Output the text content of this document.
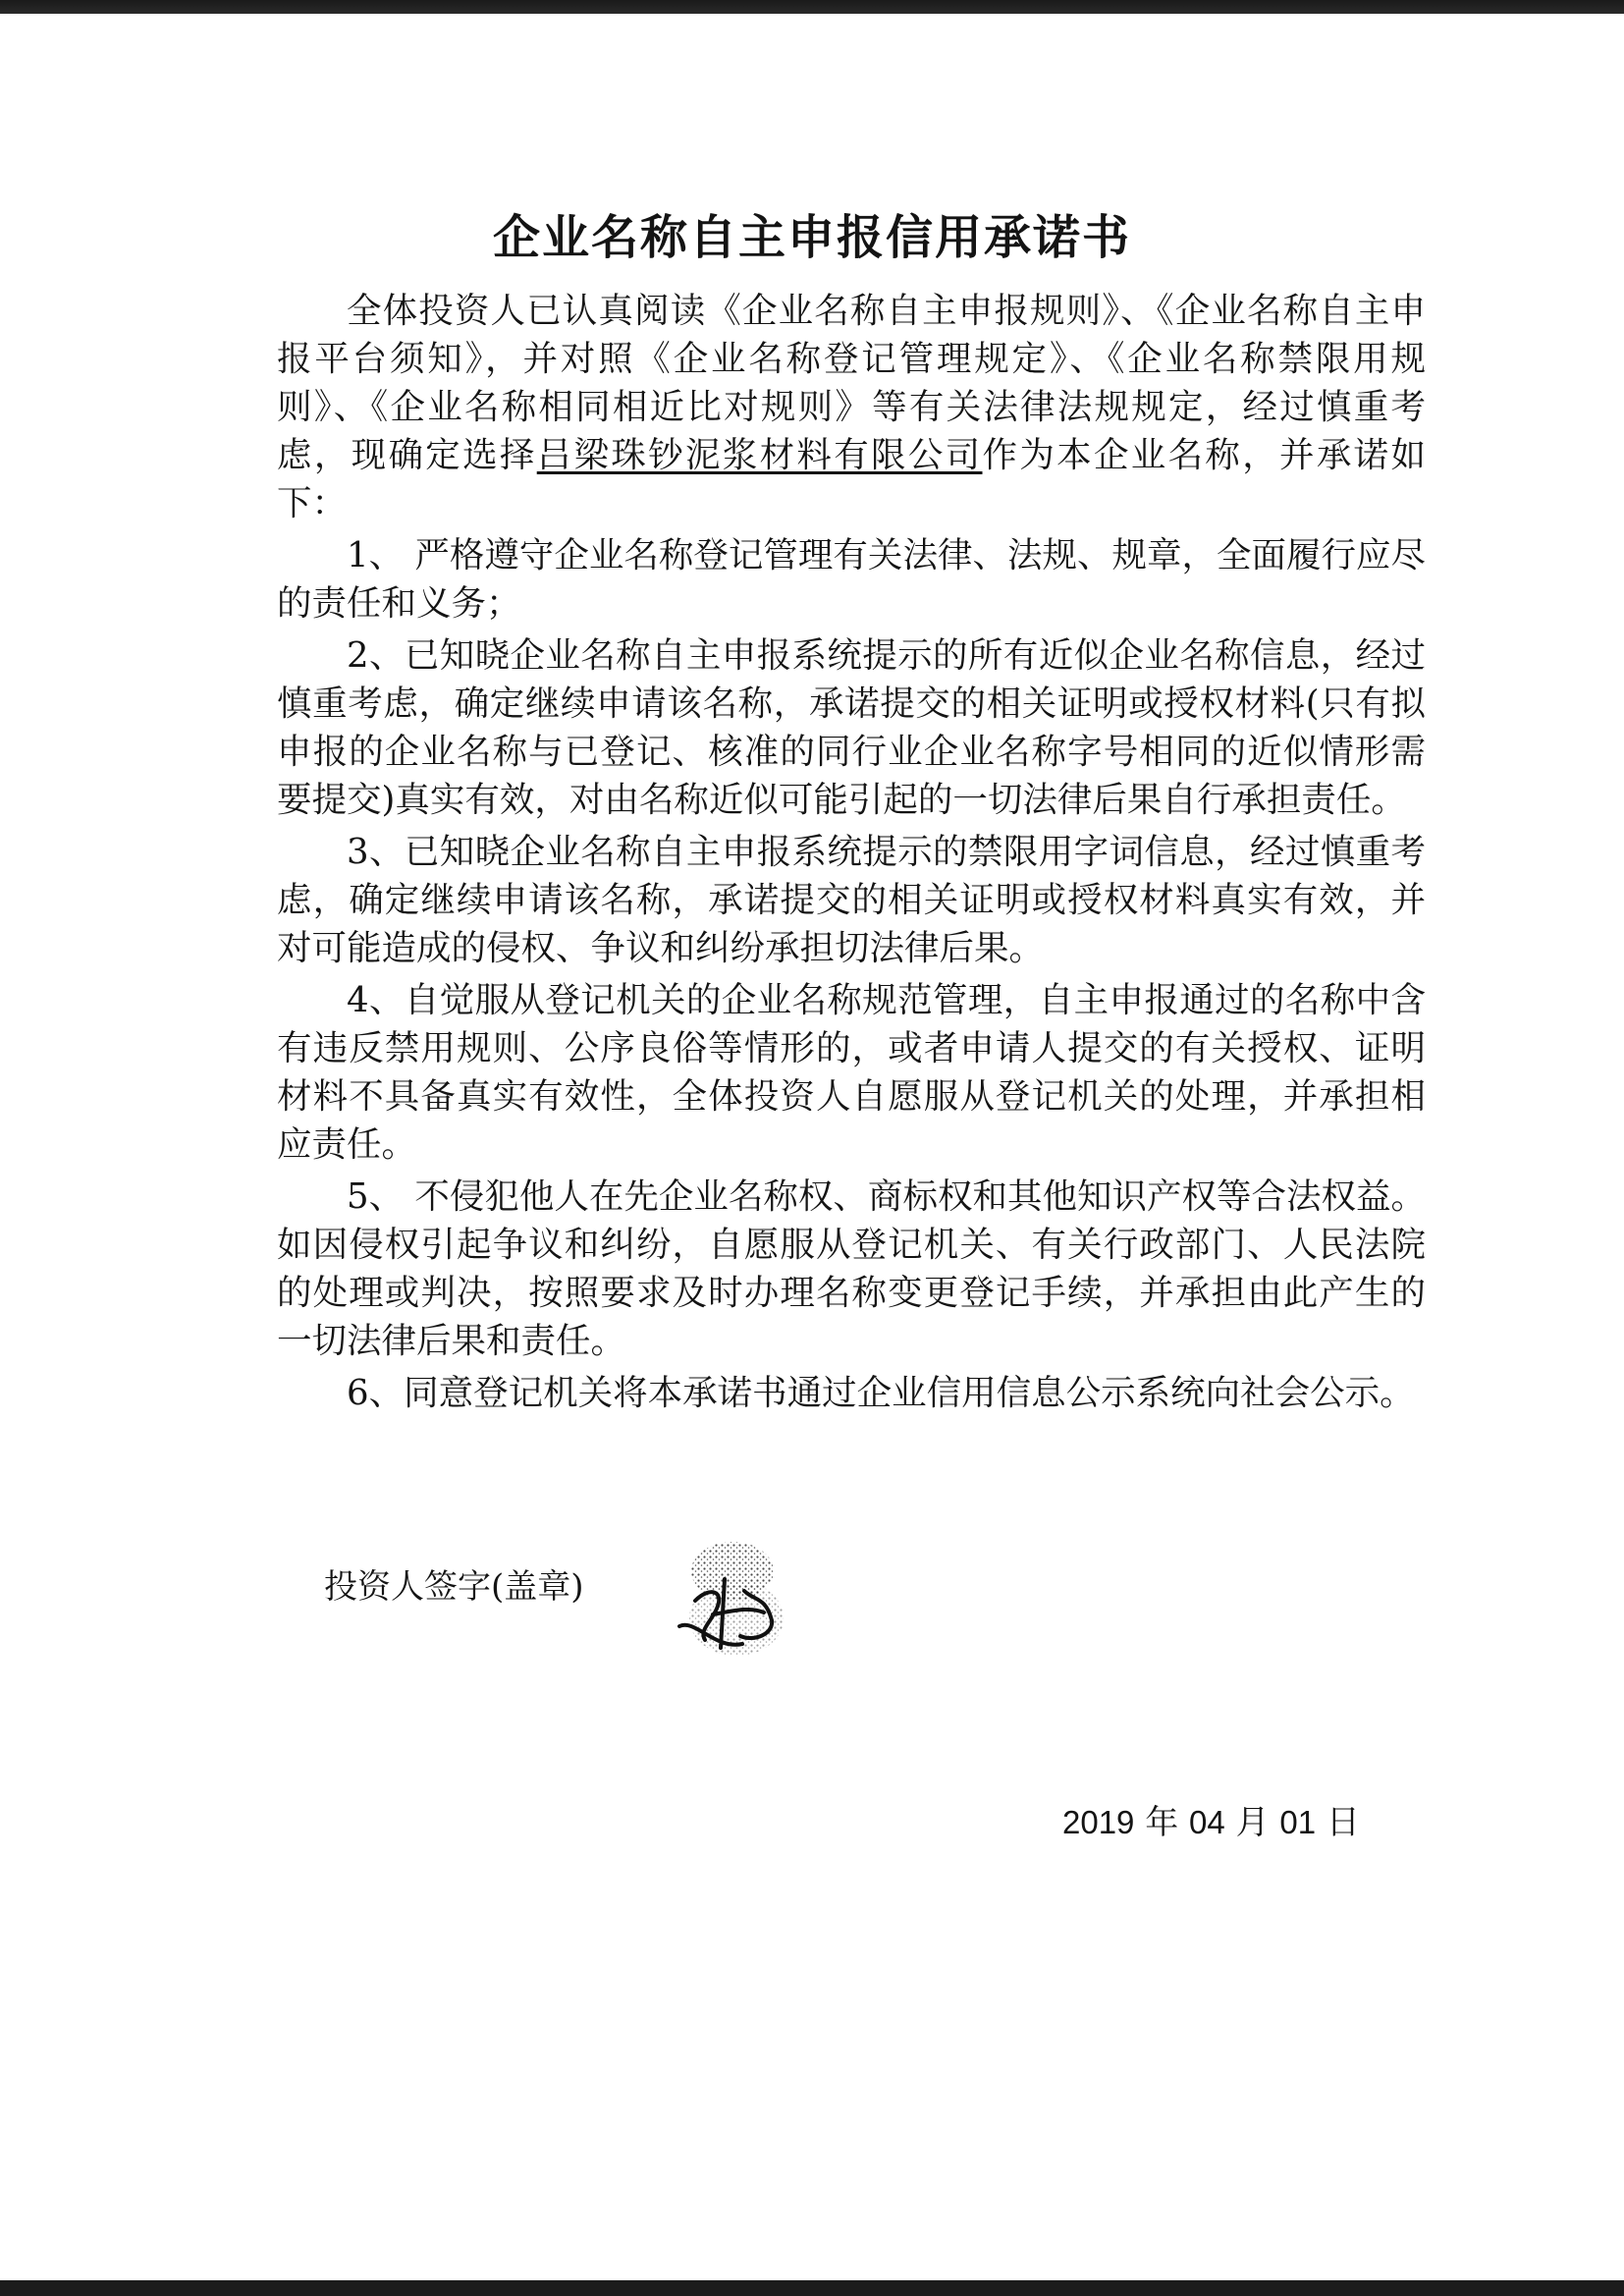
企业名称自主申报信用承诺书

全体投资人已认真阅读《企业名称自主申报规则》、《企业名称自主申报平台须知》，并对照《企业名称登记管理规定》、《企业名称禁限用规则》、《企业名称相同相近比对规则》等有关法律法规规定，经过慎重考虑，现确定选择吕梁珠钞泥浆材料有限公司作为本企业名称，并承诺如下：

1、 严格遵守企业名称登记管理有关法律、法规、规章，全面履行应尽的责任和义务；

2、已知晓企业名称自主申报系统提示的所有近似企业名称信息，经过慎重考虑，确定继续申请该名称，承诺提交的相关证明或授权材料(只有拟申报的企业名称与已登记、核准的同行业企业名称字号相同的近似情形需要提交)真实有效，对由名称近似可能引起的一切法律后果自行承担责任。

3、已知晓企业名称自主申报系统提示的禁限用字词信息，经过慎重考虑，确定继续申请该名称，承诺提交的相关证明或授权材料真实有效，并对可能造成的侵权、争议和纠纷承担切法律后果。

4、自觉服从登记机关的企业名称规范管理，自主申报通过的名称中含有违反禁用规则、公序良俗等情形的，或者申请人提交的有关授权、证明材料不具备真实有效性，全体投资人自愿服从登记机关的处理，并承担相应责任。

5、 不侵犯他人在先企业名称权、商标权和其他知识产权等合法权益。如因侵权引起争议和纠纷，自愿服从登记机关、有关行政部门、人民法院的处理或判决，按照要求及时办理名称变更登记手续，并承担由此产生的一切法律后果和责任。

6、同意登记机关将本承诺书通过企业信用信息公示系统向社会公示。

投资人签字(盖章)
2019 年 04 月 01 日
